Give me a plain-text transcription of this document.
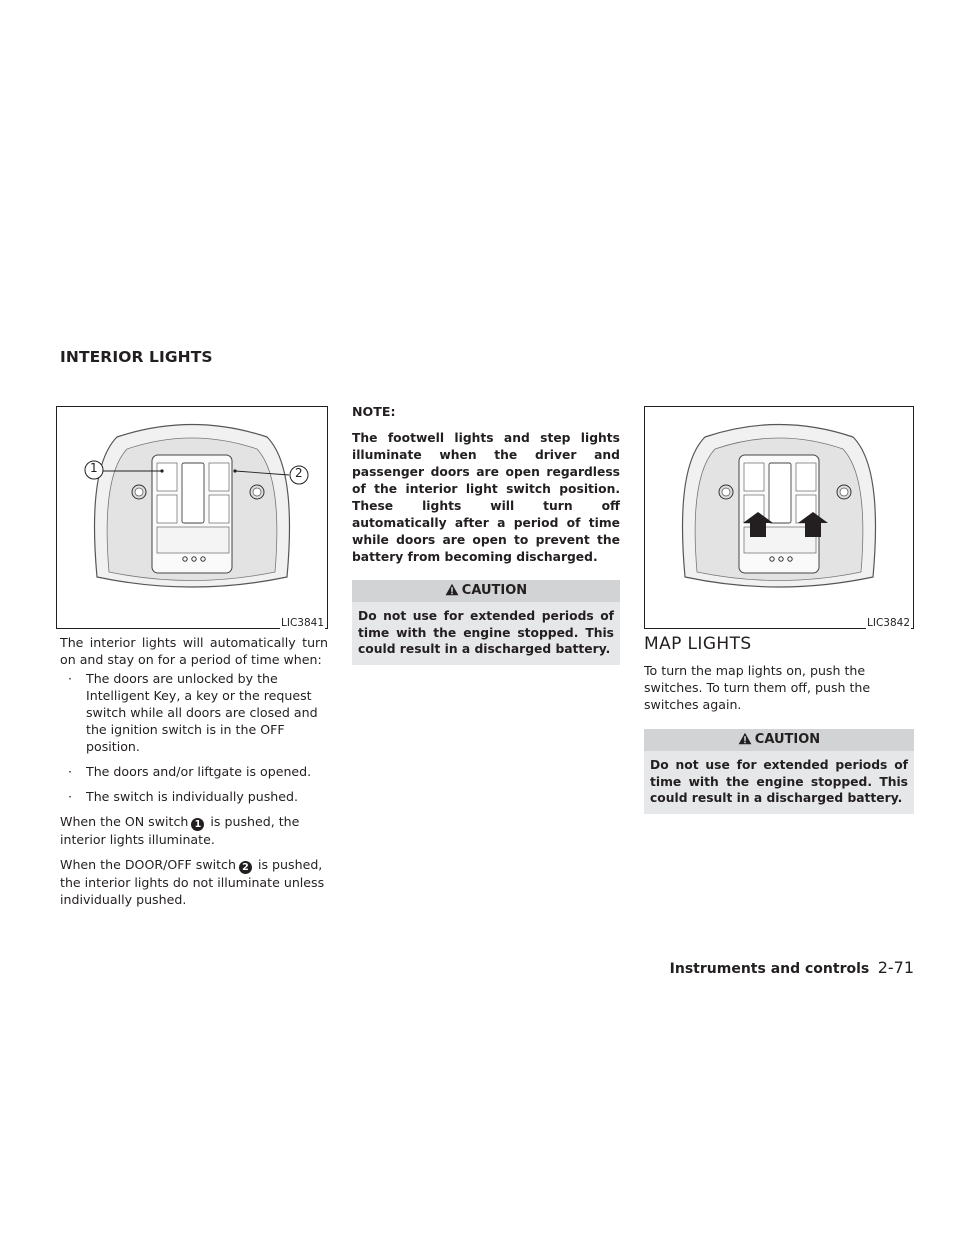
INTERIOR LIGHTS
1	2
LIC3841

The interior lights will automatically turn on and stay on for a period of time when:

· The doors are unlocked by the Intelligent Key, a key or the request switch while all doors are closed and the ignition switch is in the OFF position.
· The doors and/or liftgate is opened.
· The switch is individually pushed.

When the ON switch 1 is pushed, the interior lights illuminate.

When the DOOR/OFF switch 2 is pushed, the interior lights do not illuminate unless individually pushed.

NOTE:

The footwell lights and step lights illuminate when the driver and passenger doors are open regardless of the interior light switch position. These lights will turn off automatically after a period of time while doors are open to prevent the battery from becoming discharged.

CAUTION
Do not use for extended periods of time with the engine stopped. This could result in a discharged battery.
LIC3842
MAP LIGHTS

To turn the map lights on, push the switches. To turn them off, push the switches again.

CAUTION
Do not use for extended periods of time with the engine stopped. This could result in a discharged battery.
Instruments and controls 2-71
